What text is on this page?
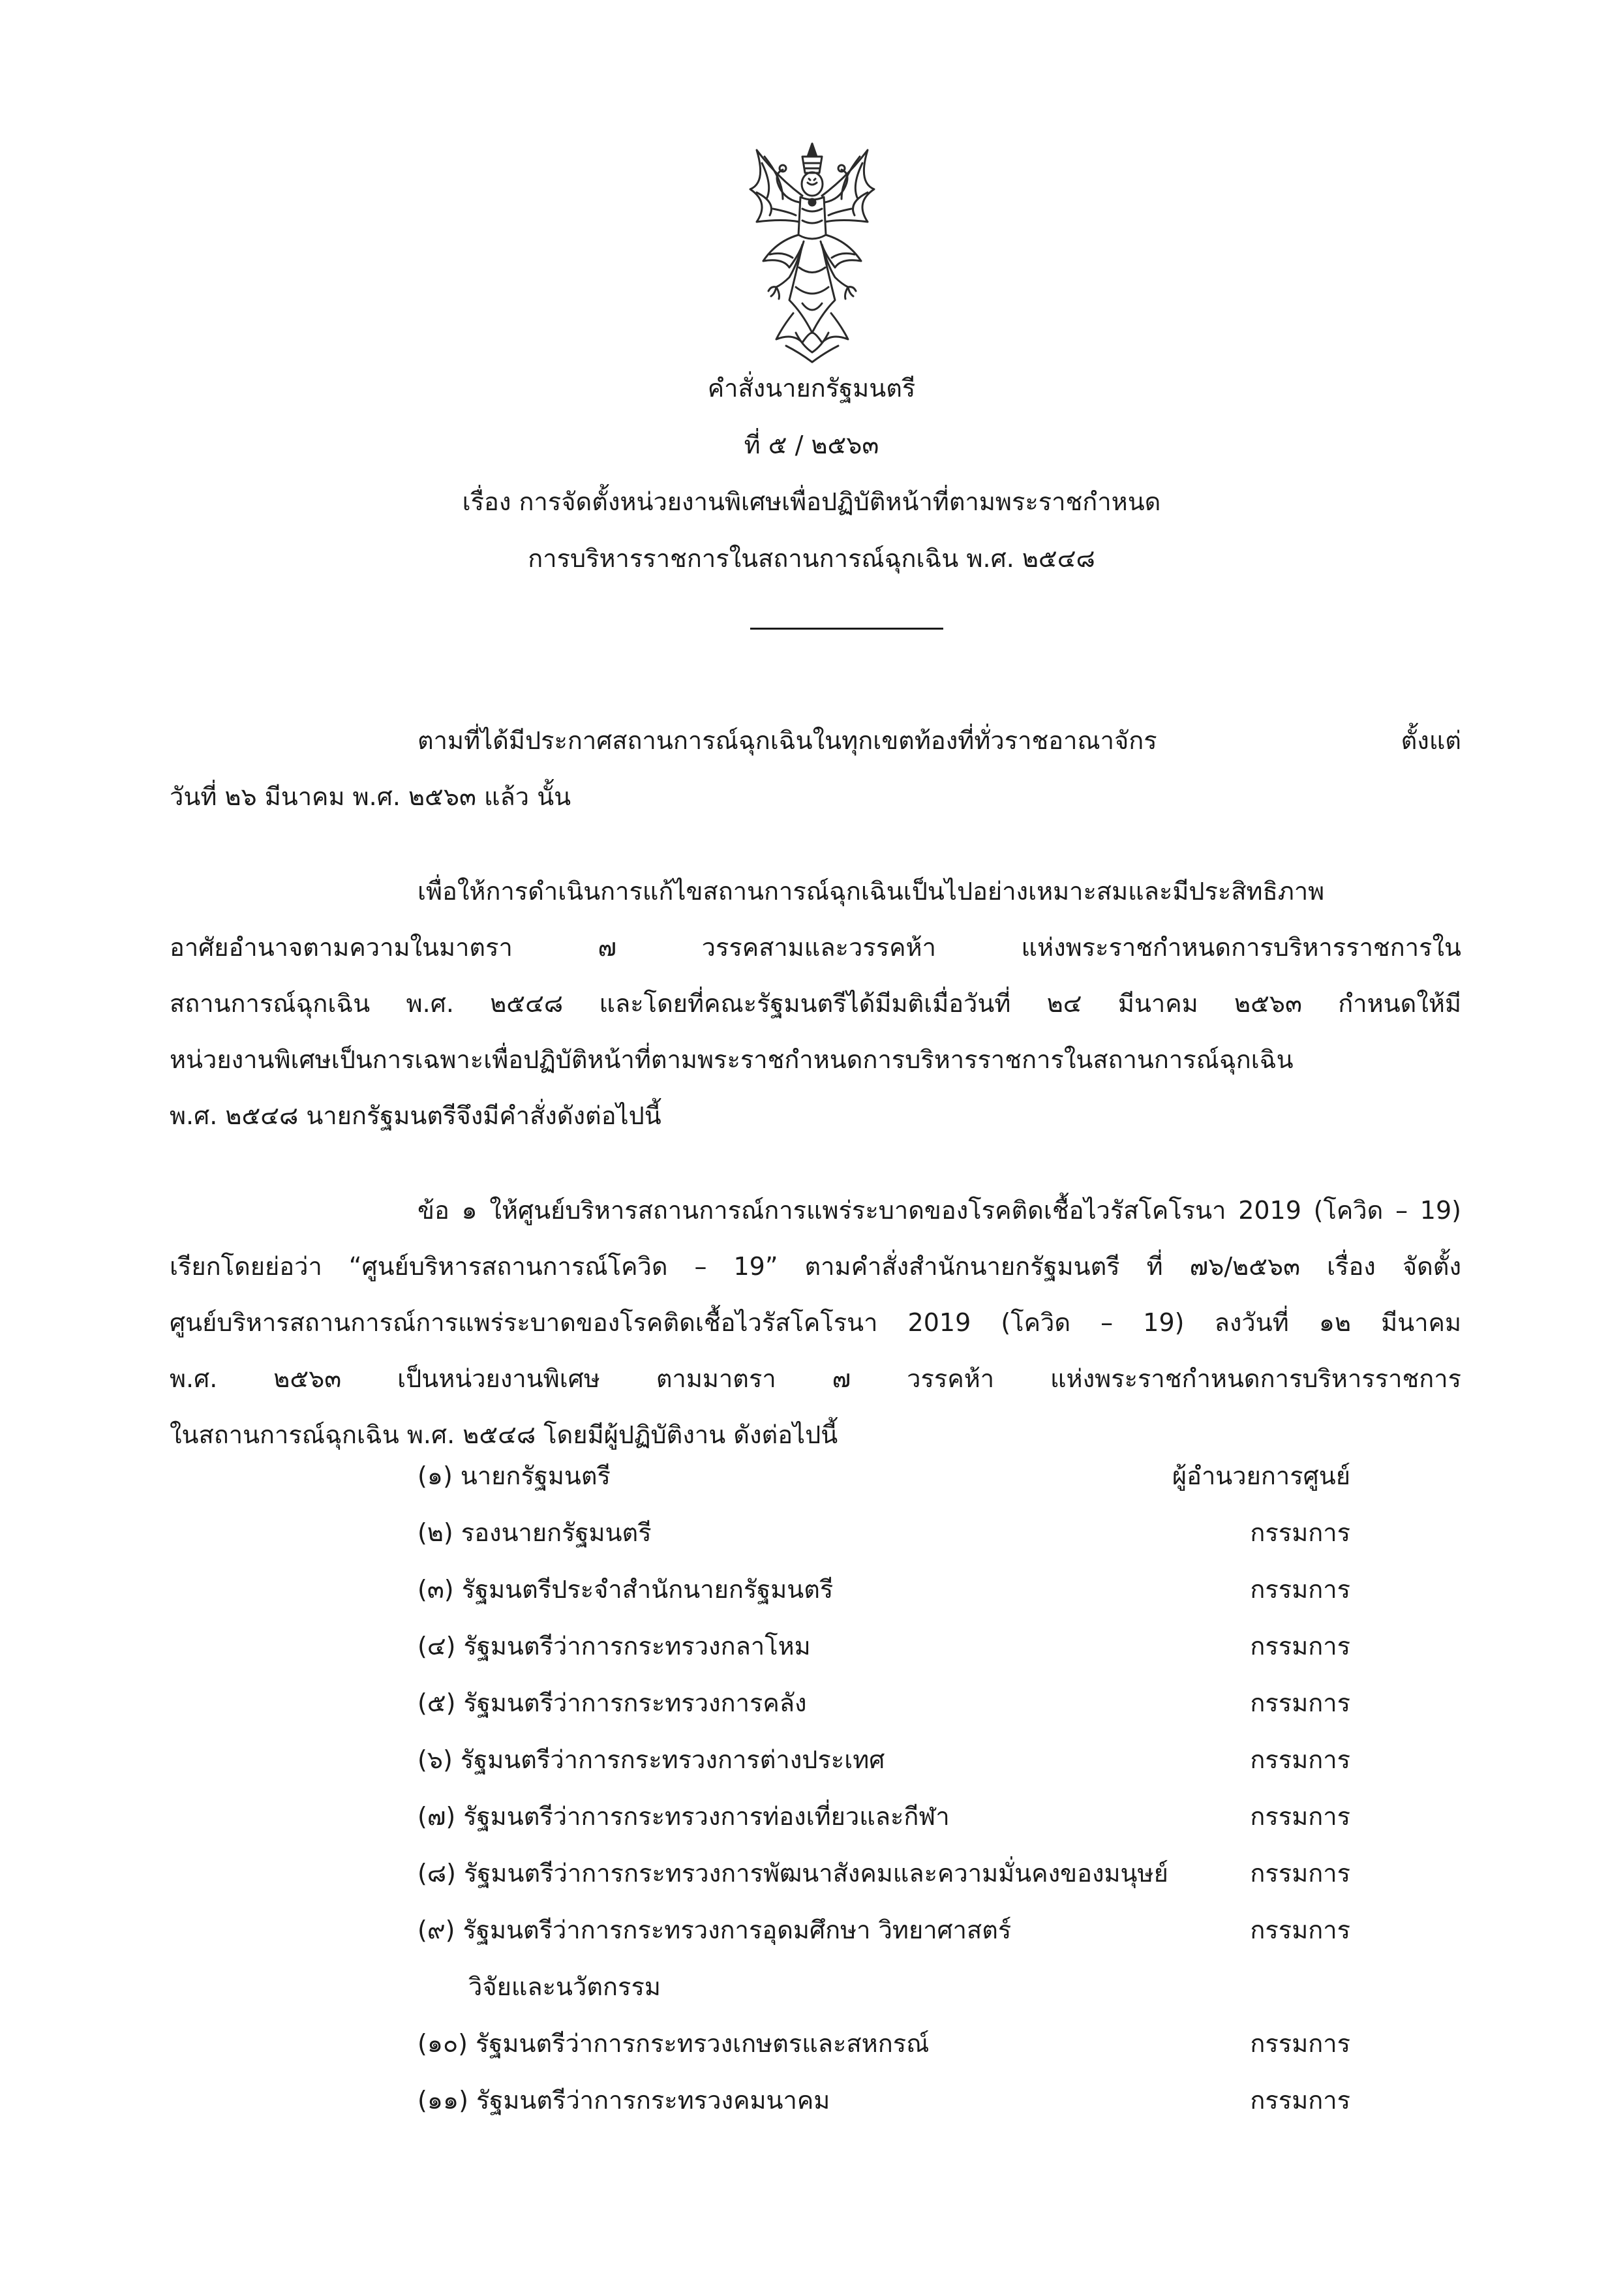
คำสั่งนายกรัฐมนตรี
ที่ ๕ / ๒๕๖๓
เรื่อง การจัดตั้งหน่วยงานพิเศษเพื่อปฏิบัติหน้าที่ตามพระราชกำหนด
การบริหารราชการในสถานการณ์ฉุกเฉิน พ.ศ. ๒๕๔๘
ตามที่ได้มีประกาศสถานการณ์ฉุกเฉินในทุกเขตท้องที่ทั่วราชอาณาจักร ตั้งแต่
วันที่ ๒๖ มีนาคม พ.ศ. ๒๕๖๓ แล้ว นั้น
เพื่อให้การดำเนินการแก้ไขสถานการณ์ฉุกเฉินเป็นไปอย่างเหมาะสมและมีประสิทธิภาพ
อาศัยอำนาจตามความในมาตรา ๗ วรรคสามและวรรคห้า แห่งพระราชกำหนดการบริหารราชการใน
สถานการณ์ฉุกเฉิน พ.ศ. ๒๕๔๘ และโดยที่คณะรัฐมนตรีได้มีมติเมื่อวันที่ ๒๔ มีนาคม ๒๕๖๓ กำหนดให้มี
หน่วยงานพิเศษเป็นการเฉพาะเพื่อปฏิบัติหน้าที่ตามพระราชกำหนดการบริหารราชการในสถานการณ์ฉุกเฉิน
พ.ศ. ๒๕๔๘ นายกรัฐมนตรีจึงมีคำสั่งดังต่อไปนี้
ข้อ ๑ ให้ศูนย์บริหารสถานการณ์การแพร่ระบาดของโรคติดเชื้อไวรัสโคโรนา 2019 (โควิด – 19)
เรียกโดยย่อว่า “ศูนย์บริหารสถานการณ์โควิด – 19” ตามคำสั่งสำนักนายกรัฐมนตรี ที่ ๗๖/๒๕๖๓ เรื่อง จัดตั้ง
ศูนย์บริหารสถานการณ์การแพร่ระบาดของโรคติดเชื้อไวรัสโคโรนา 2019 (โควิด – 19) ลงวันที่ ๑๒ มีนาคม
พ.ศ. ๒๕๖๓ เป็นหน่วยงานพิเศษ ตามมาตรา ๗ วรรคห้า แห่งพระราชกำหนดการบริหารราชการ
ในสถานการณ์ฉุกเฉิน พ.ศ. ๒๕๔๘ โดยมีผู้ปฏิบัติงาน ดังต่อไปนี้
(๑) นายกรัฐมนตรี	ผู้อำนวยการศูนย์
(๒) รองนายกรัฐมนตรี	กรรมการ
(๓) รัฐมนตรีประจำสำนักนายกรัฐมนตรี	กรรมการ
(๔) รัฐมนตรีว่าการกระทรวงกลาโหม	กรรมการ
(๕) รัฐมนตรีว่าการกระทรวงการคลัง	กรรมการ
(๖) รัฐมนตรีว่าการกระทรวงการต่างประเทศ	กรรมการ
(๗) รัฐมนตรีว่าการกระทรวงการท่องเที่ยวและกีฬา	กรรมการ
(๘) รัฐมนตรีว่าการกระทรวงการพัฒนาสังคมและความมั่นคงของมนุษย์	กรรมการ
(๙) รัฐมนตรีว่าการกระทรวงการอุดมศึกษา วิทยาศาสตร์	กรรมการ
วิจัยและนวัตกรรม
(๑๐) รัฐมนตรีว่าการกระทรวงเกษตรและสหกรณ์	กรรมการ
(๑๑) รัฐมนตรีว่าการกระทรวงคมนาคม	กรรมการ
